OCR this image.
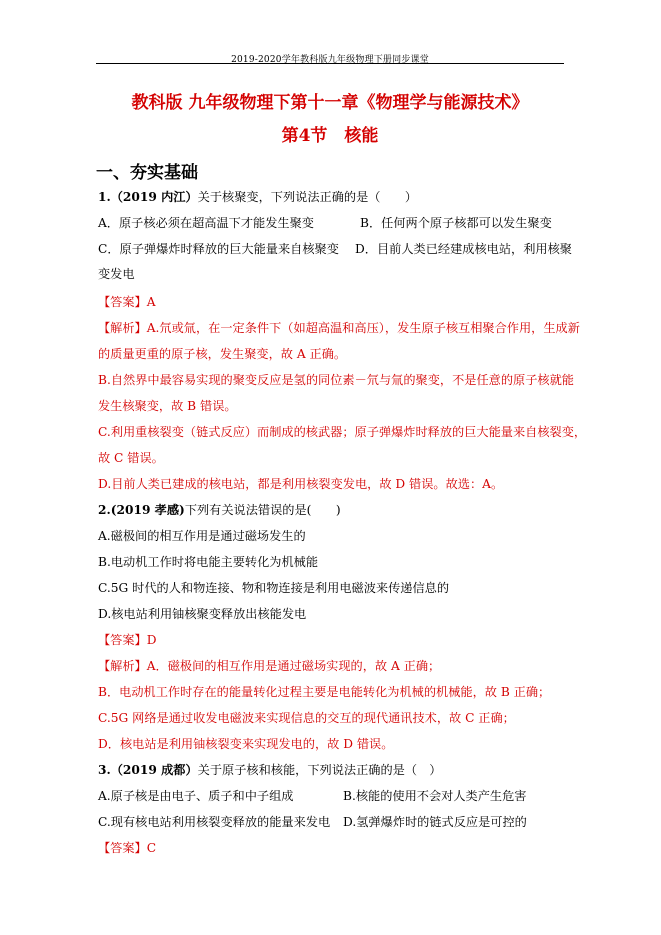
2019-2020学年教科版九年级物理下册同步课堂
教科版 九年级物理下第十一章《物理学与能源技术》
第4节　核能
一、夯实基础
1.（2019 内江）关于核聚变，下列说法正确的是（　　）
A．原子核必须在超高温下才能发生聚变	B．任何两个原子核都可以发生聚变
C．原子弹爆炸时释放的巨大能量来自核聚变 D．目前人类已经建成核电站，利用核聚
变发电
【答案】A
【解析】A.氘或氚，在一定条件下（如超高温和高压），发生原子核互相聚合作用，生成新
的质量更重的原子核，发生聚变，故 A 正确。
B.自然界中最容易实现的聚变反应是氢的同位素－氘与氚的聚变，不是任意的原子核就能
发生核聚变，故 B 错误。
C.利用重核裂变（链式反应）而制成的核武器；原子弹爆炸时释放的巨大能量来自核裂变，
故 C 错误。
D.目前人类已建成的核电站，都是利用核裂变发电，故 D 错误。故选：A。
2.(2019 孝感)下列有关说法错误的是(　　)
A.磁极间的相互作用是通过磁场发生的
B.电动机工作时将电能主要转化为机械能
C.5G 时代的人和物连接、物和物连接是利用电磁波来传递信息的
D.核电站利用铀核聚变释放出核能发电
【答案】D
【解析】A．磁极间的相互作用是通过磁场实现的，故 A 正确；
B．电动机工作时存在的能量转化过程主要是电能转化为机械的机械能，故 B 正确；
C.5G 网络是通过收发电磁波来实现信息的交互的现代通讯技术，故 C 正确；
D．核电站是利用铀核裂变来实现发电的，故 D 错误。
3.（2019 成都）关于原子核和核能，下列说法正确的是（　）
A.原子核是由电子、质子和中子组成	B.核能的使用不会对人类产生危害
C.现有核电站利用核裂变释放的能量来发电 D.氢弹爆炸时的链式反应是可控的
【答案】C
